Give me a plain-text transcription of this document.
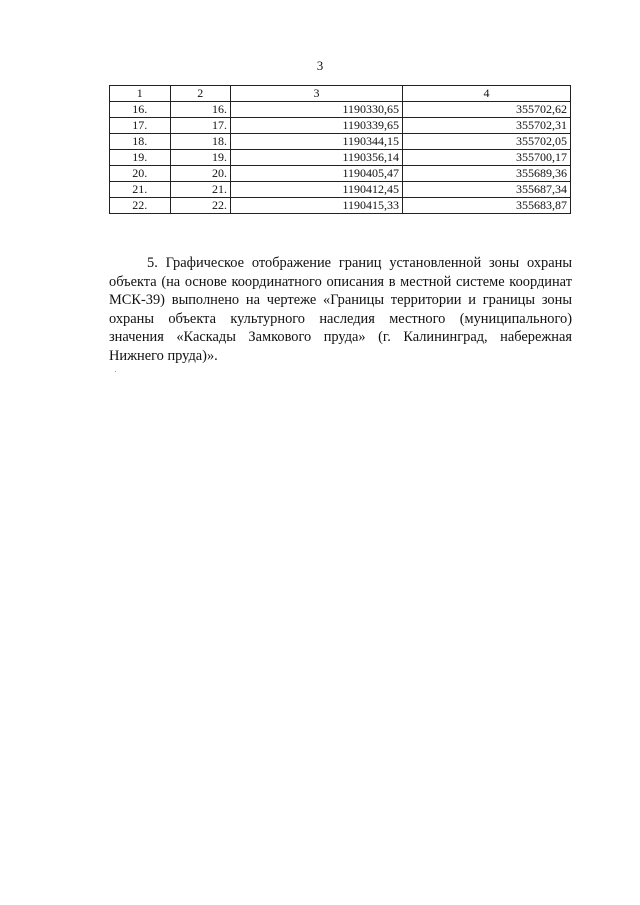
3
1	2	3	4
16.	16.	1190330,65	355702,62
17.	17.	1190339,65	355702,31
18.	18.	1190344,15	355702,05
19.	19.	1190356,14	355700,17
20.	20.	1190405,47	355689,36
21.	21.	1190412,45	355687,34
22.	22.	1190415,33	355683,87

5. Графическое отображение границ установленной зоны охраны объекта (на основе координатного описания в местной системе координат МСК-39) выполнено на чертеже «Границы территории и границы зоны охраны объекта культурного наследия местного (муниципального) значения «Каскады Замкового пруда» (г. Калининград, набережная Нижнего пруда)».
